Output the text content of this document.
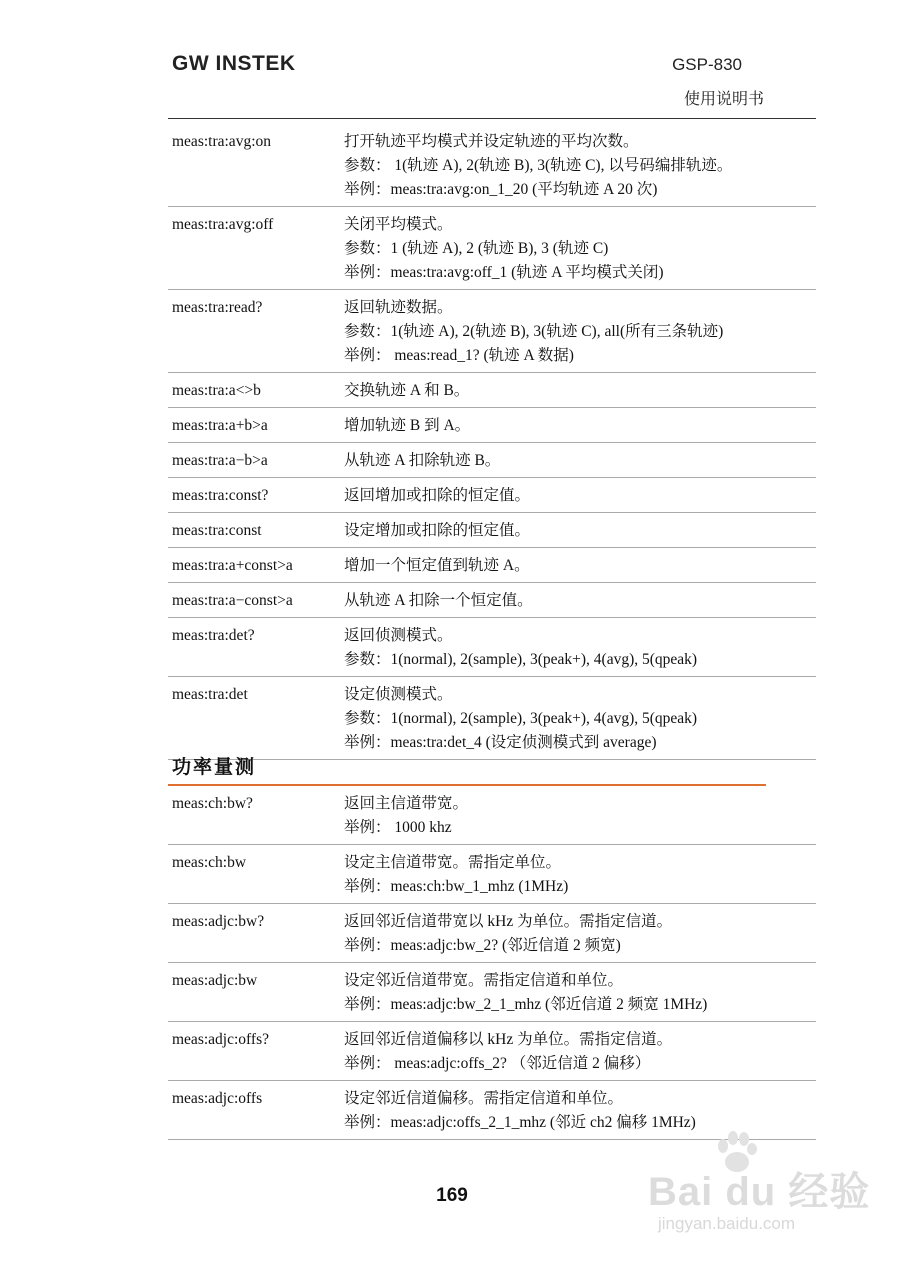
GW INSTEK	GSP-830
使用说明书
meas:tra:avg:on	打开轨迹平均模式并设定轨迹的平均次数。
参数： 1(轨迹 A), 2(轨迹 B), 3(轨迹 C), 以号码编排轨迹。
举例：meas:tra:avg:on_1_20 (平均轨迹 A 20 次)
meas:tra:avg:off	关闭平均模式。
参数：1 (轨迹 A), 2 (轨迹 B), 3 (轨迹 C)
举例：meas:tra:avg:off_1 (轨迹 A 平均模式关闭)
meas:tra:read?	返回轨迹数据。
参数：1(轨迹 A), 2(轨迹 B), 3(轨迹 C), all(所有三条轨迹)
举例： meas:read_1? (轨迹 A 数据)
meas:tra:a<>b	交换轨迹 A 和 B。
meas:tra:a+b>a	增加轨迹 B 到 A。
meas:tra:a−b>a	从轨迹 A 扣除轨迹 B。
meas:tra:const?	返回增加或扣除的恒定值。
meas:tra:const	设定增加或扣除的恒定值。
meas:tra:a+const>a	增加一个恒定值到轨迹 A。
meas:tra:a−const>a	从轨迹 A 扣除一个恒定值。
meas:tra:det?	返回侦测模式。
参数：1(normal), 2(sample), 3(peak+), 4(avg), 5(qpeak)
meas:tra:det	设定侦测模式。
参数：1(normal), 2(sample), 3(peak+), 4(avg), 5(qpeak)
举例：meas:tra:det_4 (设定侦测模式到 average)
功率量测
meas:ch:bw?	返回主信道带宽。
举例： 1000 khz
meas:ch:bw	设定主信道带宽。需指定单位。
举例：meas:ch:bw_1_mhz (1MHz)
meas:adjc:bw?	返回邻近信道带宽以 kHz 为单位。需指定信道。
举例：meas:adjc:bw_2? (邻近信道 2 频宽)
meas:adjc:bw	设定邻近信道带宽。需指定信道和单位。
举例：meas:adjc:bw_2_1_mhz (邻近信道 2 频宽 1MHz)
meas:adjc:offs?	返回邻近信道偏移以 kHz 为单位。需指定信道。
举例： meas:adjc:offs_2? （邻近信道 2 偏移）
meas:adjc:offs	设定邻近信道偏移。需指定信道和单位。
举例：meas:adjc:offs_2_1_mhz (邻近 ch2 偏移 1MHz)
169	Bai du 经验
jingyan.baidu.com
